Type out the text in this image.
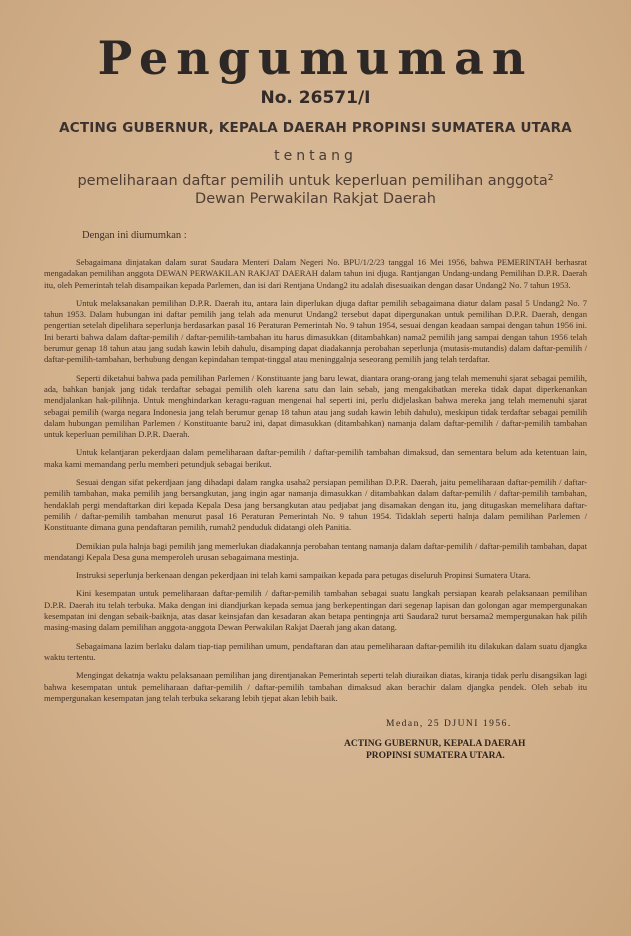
Pengumuman
No. 26571/I
ACTING GUBERNUR, KEPALA DAERAH PROPINSI SUMATERA UTARA
tentang
pemeliharaan daftar pemilih untuk keperluan pemilihan anggota²
Dewan Perwakilan Rakjat Daerah
Dengan ini diumumkan :

Sebagaimana dinjatakan dalam surat Saudara Menteri Dalam Negeri No. BPU/1/2/23 tanggal 16 Mei 1956, bahwa PEMERINTAH berhasrat mengadakan pemilihan anggota DEWAN PERWAKILAN RAKJAT DAERAH dalam tahun ini djuga. Rantjangan Undang-undang Pemilihan D.P.R. Daerah itu, oleh Pemerintah telah disampaikan kepada Parlemen, dan isi dari Rentjana Undang2 itu adalah disesuaikan dengan dasar Undang2 No. 7 tahun 1953.

Untuk melaksanakan pemilihan D.P.R. Daerah itu, antara lain diperlukan djuga daftar pemilih sebagaimana diatur dalam pasal 5 Undang2 No. 7 tahun 1953. Dalam hubungan ini daftar pemilih jang telah ada menurut Undang2 tersebut dapat dipergunakan untuk pemilihan D.P.R. Daerah, dengan pengertian setelah dipelihara seperlunja berdasarkan pasal 16 Peraturan Pemerintah No. 9 tahun 1954, sesuai dengan keadaan sampai dengan tahun 1956 ini. Ini berarti bahwa dalam daftar-pemilih / daftar-pemilih-tambahan itu harus dimasukkan (ditambahkan) nama2 pemilih jang sampai dengan tahun 1956 telah berumur genap 18 tahun atau jang sudah kawin lebih dahulu, disamping dapat diadakannja perobahan seperlunja (mutasis-mutandis) dalam daftar-pemilih / daftar-pemilih-tambahan, berhubung dengan kepindahan tempat-tinggal atau meninggalnja seseorang pemilih jang telah terdaftar.

Seperti diketahui bahwa pada pemilihan Parlemen / Konstituante jang baru lewat, diantara orang-orang jang telah memenuhi sjarat sebagai pemilih, ada, bahkan banjak jang tidak terdaftar sebagai pemilih oleh karena satu dan lain sebab, jang mengakibatkan mereka tidak dapat diperkenankan mendjalankan hak-pilihnja. Untuk menghindarkan keragu-raguan mengenai hal seperti ini, perlu didjelaskan bahwa mereka jang telah memenuhi sjarat sebagai pemilih (warga negara Indonesia jang telah berumur genap 18 tahun atau jang sudah kawin lebih dahulu), meskipun tidak terdaftar sebagai pemilih dalam hubungan pemilihan Parlemen / Konstituante baru2 ini, dapat dimasukkan (ditambahkan) namanja dalam daftar-pemilih / daftar-pemilih tambahan untuk keperluan pemilihan D.P.R. Daerah.

Untuk kelantjaran pekerdjaan dalam pemeliharaan daftar-pemilih / daftar-pemilih tambahan dimaksud, dan sementara belum ada ketentuan lain, maka kami memandang perlu memberi petundjuk sebagai berikut.

Sesuai dengan sifat pekerdjaan jang dihadapi dalam rangka usaha2 persiapan pemilihan D.P.R. Daerah, jaitu pemeliharaan daftar-pemilih / daftar-pemilih tambahan, maka pemilih jang bersangkutan, jang ingin agar namanja dimasukkan / ditambahkan dalam daftar-pemilih / daftar-pemilih tambahan, hendaklah pergi mendaftarkan diri kepada Kepala Desa jang bersangkutan atau pedjabat jang disamakan dengan itu, jang ditugaskan memelihara daftar-pemilih / daftar-pemilih tambahan menurut pasal 16 Peraturan Pemerintah No. 9 tahun 1954. Tidaklah seperti halnja dalam pemilihan Parlemen / Konstituante dimana guna pendaftaran pemilih, rumah2 penduduk didatangi oleh Panitia.

Demikian pula halnja bagi pemilih jang memerlukan diadakannja perobahan tentang namanja dalam daftar-pemilih / daftar-pemilih tambahan, dapat mendatangi Kepala Desa guna memperoleh urusan sebagaimana mestinja.

Instruksi seperlunja berkenaan dengan pekerdjaan ini telah kami sampaikan kepada para petugas diseluruh Propinsi Sumatera Utara.

Kini kesempatan untuk pemeliharaan daftar-pemilih / daftar-pemilih tambahan sebagai suatu langkah persiapan kearah pelaksanaan pemilihan D.P.R. Daerah itu telah terbuka. Maka dengan ini diandjurkan kepada semua jang berkepentingan dari segenap lapisan dan golongan agar mempergunakan kesempatan ini dengan sebaik-baiknja, atas dasar keinsjafan dan kesadaran akan betapa pentingnja arti Saudara2 turut bersama2 mempergunakan hak pilih masing-masing dalam pemilihan anggota-anggota Dewan Perwakilan Rakjat Daerah jang akan datang.

Sebagaimana lazim berlaku dalam tiap-tiap pemilihan umum, pendaftaran dan atau pemeliharaan daftar-pemilih itu dilakukan dalam suatu djangka waktu tertentu.

Mengingat dekatnja waktu pelaksanaan pemilihan jang direntjanakan Pemerintah seperti telah diuraikan diatas, kiranja tidak perlu disangsikan lagi bahwa kesempatan untuk pemeliharaan daftar-pemilih / daftar-pemilih tambahan dimaksud akan berachir dalam djangka pendek. Oleh sebab itu mempergunakan kesempatan jang telah terbuka sekarang lebih tjepat akan lebih baik.

Medan, 25 DJUNI 1956.
ACTING GUBERNUR, KEPALA DAERAH
PROPINSI SUMATERA UTARA.
